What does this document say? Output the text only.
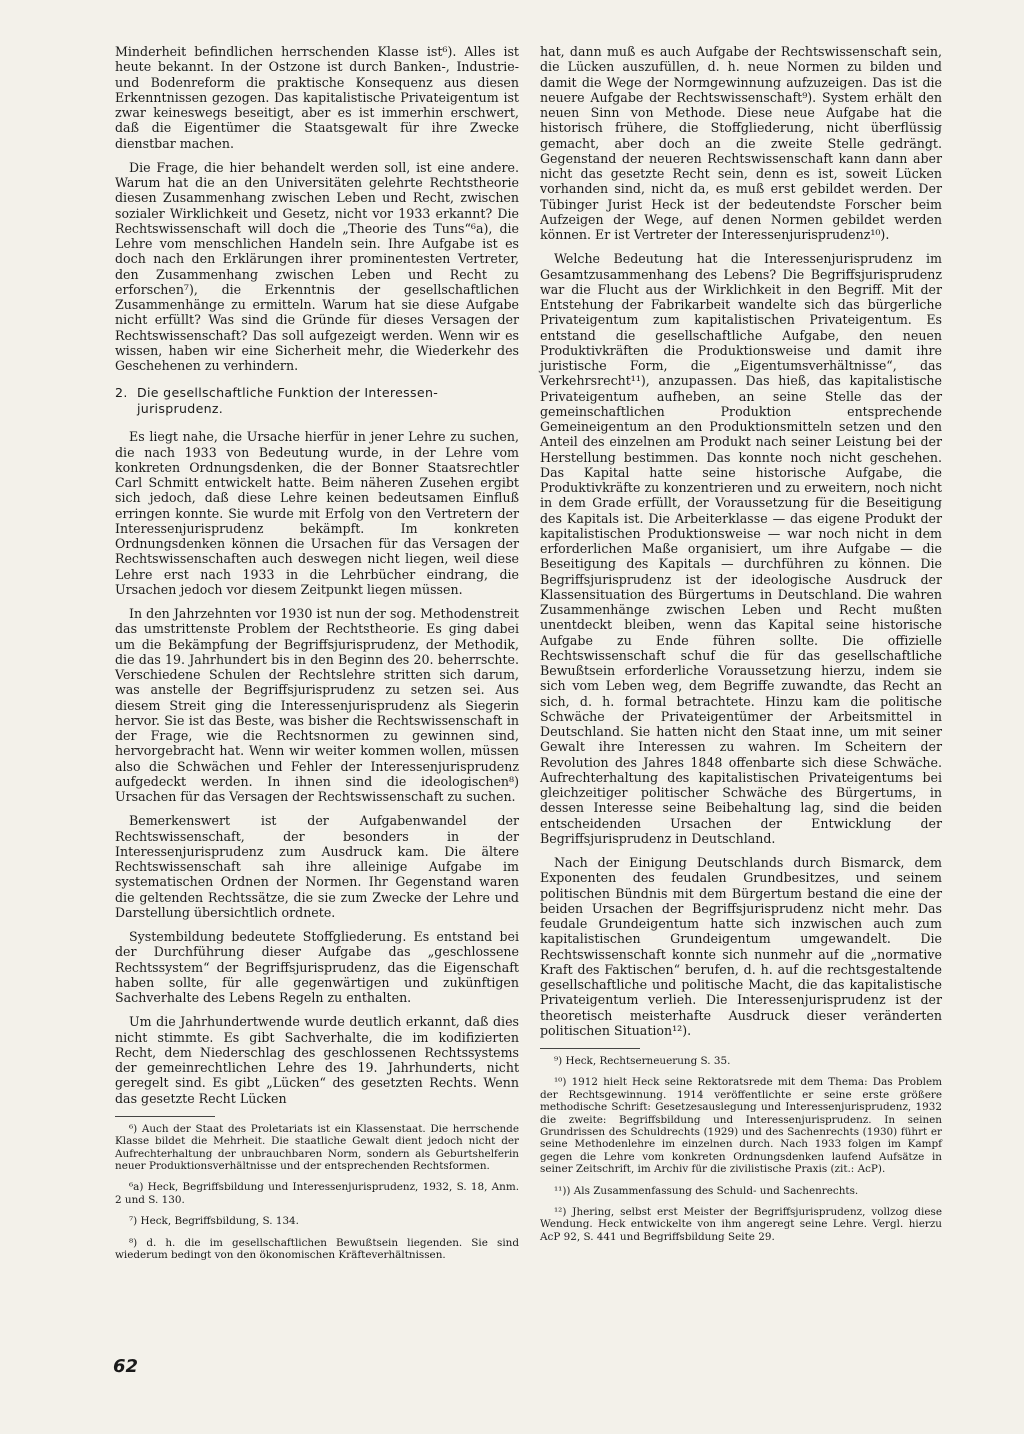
Minderheit befindlichen herrschenden Klasse ist⁶). Alles ist heute bekannt. In der Ostzone ist durch Banken-, Industrie- und Bodenreform die praktische Konsequenz aus diesen Erkenntnissen gezogen. Das kapitalistische Privateigentum ist zwar keineswegs beseitigt, aber es ist immerhin erschwert, daß die Eigentümer die Staatsgewalt für ihre Zwecke dienstbar machen.

Die Frage, die hier behandelt werden soll, ist eine andere. Warum hat die an den Universitäten gelehrte Rechtstheorie diesen Zusammenhang zwischen Leben und Recht, zwischen sozialer Wirklichkeit und Gesetz, nicht vor 1933 erkannt? Die Rechtswissenschaft will doch die „Theorie des Tuns“⁶a), die Lehre vom menschlichen Handeln sein. Ihre Aufgabe ist es doch nach den Erklärungen ihrer prominentesten Vertreter, den Zusammenhang zwischen Leben und Recht zu erforschen⁷), die Erkenntnis der gesellschaftlichen Zusammenhänge zu ermitteln. Warum hat sie diese Aufgabe nicht erfüllt? Was sind die Gründe für dieses Versagen der Rechtswissenschaft? Das soll aufgezeigt werden. Wenn wir es wissen, haben wir eine Sicherheit mehr, die Wiederkehr des Geschehenen zu verhindern.

2. Die gesellschaftliche Funktion der Interessen-
jurisprudenz.

Es liegt nahe, die Ursache hierfür in jener Lehre zu suchen, die nach 1933 von Bedeutung wurde, in der Lehre vom konkreten Ordnungsdenken, die der Bonner Staatsrechtler Carl Schmitt entwickelt hatte. Beim näheren Zusehen ergibt sich jedoch, daß diese Lehre keinen bedeutsamen Einfluß erringen konnte. Sie wurde mit Erfolg von den Vertretern der Interessenjurisprudenz bekämpft. Im konkreten Ordnungsdenken können die Ursachen für das Versagen der Rechtswissenschaften auch deswegen nicht liegen, weil diese Lehre erst nach 1933 in die Lehrbücher eindrang, die Ursachen jedoch vor diesem Zeitpunkt liegen müssen.

In den Jahrzehnten vor 1930 ist nun der sog. Methodenstreit das umstrittenste Problem der Rechtstheorie. Es ging dabei um die Bekämpfung der Begriffsjurisprudenz, der Methodik, die das 19. Jahrhundert bis in den Beginn des 20. beherrschte. Verschiedene Schulen der Rechtslehre stritten sich darum, was anstelle der Begriffsjurisprudenz zu setzen sei. Aus diesem Streit ging die Interessenjurisprudenz als Siegerin hervor. Sie ist das Beste, was bisher die Rechtswissenschaft in der Frage, wie die Rechtsnormen zu gewinnen sind, hervorgebracht hat. Wenn wir weiter kommen wollen, müssen also die Schwächen und Fehler der Interessenjurisprudenz aufgedeckt werden. In ihnen sind die ideologischen⁸) Ursachen für das Versagen der Rechtswissenschaft zu suchen.

Bemerkenswert ist der Aufgabenwandel der Rechtswissenschaft, der besonders in der Interessenjurisprudenz zum Ausdruck kam. Die ältere Rechtswissenschaft sah ihre alleinige Aufgabe im systematischen Ordnen der Normen. Ihr Gegenstand waren die geltenden Rechtssätze, die sie zum Zwecke der Lehre und Darstellung übersichtlich ordnete.

Systembildung bedeutete Stoffgliederung. Es entstand bei der Durchführung dieser Aufgabe das „geschlossene Rechtssystem“ der Begriffsjurisprudenz, das die Eigenschaft haben sollte, für alle gegenwärtigen und zukünftigen Sachverhalte des Lebens Regeln zu enthalten.

Um die Jahrhundertwende wurde deutlich erkannt, daß dies nicht stimmte. Es gibt Sachverhalte, die im kodifizierten Recht, dem Niederschlag des geschlossenen Rechtssystems der gemeinrechtlichen Lehre des 19. Jahrhunderts, nicht geregelt sind. Es gibt „Lücken“ des gesetzten Rechts. Wenn das gesetzte Recht Lücken

⁶) Auch der Staat des Proletariats ist ein Klassenstaat. Die herrschende Klasse bildet die Mehrheit. Die staatliche Gewalt dient jedoch nicht der Aufrechterhaltung der unbrauchbaren Norm, sondern als Geburtshelferin neuer Produktionsverhältnisse und der entsprechenden Rechtsformen.

⁶a) Heck, Begriffsbildung und Interessenjurisprudenz, 1932, S. 18, Anm. 2 und S. 130.

⁷) Heck, Begriffsbildung, S. 134.

⁸) d. h. die im gesellschaftlichen Bewußtsein liegenden. Sie sind wiederum bedingt von den ökonomischen Kräfteverhältnissen.

hat, dann muß es auch Aufgabe der Rechtswissenschaft sein, die Lücken auszufüllen, d. h. neue Normen zu bilden und damit die Wege der Normgewinnung aufzuzeigen. Das ist die neuere Aufgabe der Rechtswissenschaft⁹). System erhält den neuen Sinn von Methode. Diese neue Aufgabe hat die historisch frühere, die Stoffgliederung, nicht überflüssig gemacht, aber doch an die zweite Stelle gedrängt. Gegenstand der neueren Rechtswissenschaft kann dann aber nicht das gesetzte Recht sein, denn es ist, soweit Lücken vorhanden sind, nicht da, es muß erst gebildet werden. Der Tübinger Jurist Heck ist der bedeutendste Forscher beim Aufzeigen der Wege, auf denen Normen gebildet werden können. Er ist Vertreter der Interessenjurisprudenz¹⁰).

Welche Bedeutung hat die Interessenjurisprudenz im Gesamtzusammenhang des Lebens? Die Begriffsjurisprudenz war die Flucht aus der Wirklichkeit in den Begriff. Mit der Entstehung der Fabrikarbeit wandelte sich das bürgerliche Privateigentum zum kapitalistischen Privateigentum. Es entstand die gesellschaftliche Aufgabe, den neuen Produktivkräften die Produktionsweise und damit ihre juristische Form, die „Eigentumsverhältnisse“, das Verkehrsrecht¹¹), anzupassen. Das hieß, das kapitalistische Privateigentum aufheben, an seine Stelle das der gemeinschaftlichen Produktion entsprechende Gemeineigentum an den Produktionsmitteln setzen und den Anteil des einzelnen am Produkt nach seiner Leistung bei der Herstellung bestimmen. Das konnte noch nicht geschehen. Das Kapital hatte seine historische Aufgabe, die Produktivkräfte zu konzentrieren und zu erweitern, noch nicht in dem Grade erfüllt, der Voraussetzung für die Beseitigung des Kapitals ist. Die Arbeiterklasse — das eigene Produkt der kapitalistischen Produktionsweise — war noch nicht in dem erforderlichen Maße organisiert, um ihre Aufgabe — die Beseitigung des Kapitals — durchführen zu können. Die Begriffsjurisprudenz ist der ideologische Ausdruck der Klassensituation des Bürgertums in Deutschland. Die wahren Zusammenhänge zwischen Leben und Recht mußten unentdeckt bleiben, wenn das Kapital seine historische Aufgabe zu Ende führen sollte. Die offizielle Rechtswissenschaft schuf die für das gesellschaftliche Bewußtsein erforderliche Voraussetzung hierzu, indem sie sich vom Leben weg, dem Begriffe zuwandte, das Recht an sich, d. h. formal betrachtete. Hinzu kam die politische Schwäche der Privateigentümer der Arbeitsmittel in Deutschland. Sie hatten nicht den Staat inne, um mit seiner Gewalt ihre Interessen zu wahren. Im Scheitern der Revolution des Jahres 1848 offenbarte sich diese Schwäche. Aufrechterhaltung des kapitalistischen Privateigentums bei gleichzeitiger politischer Schwäche des Bürgertums, in dessen Interesse seine Beibehaltung lag, sind die beiden entscheidenden Ursachen der Entwicklung der Begriffsjurisprudenz in Deutschland.

Nach der Einigung Deutschlands durch Bismarck, dem Exponenten des feudalen Grundbesitzes, und seinem politischen Bündnis mit dem Bürgertum bestand die eine der beiden Ursachen der Begriffsjurisprudenz nicht mehr. Das feudale Grundeigentum hatte sich inzwischen auch zum kapitalistischen Grundeigentum umgewandelt. Die Rechtswissenschaft konnte sich nunmehr auf die „normative Kraft des Faktischen“ berufen, d. h. auf die rechtsgestaltende gesellschaftliche und politische Macht, die das kapitalistische Privateigentum verlieh. Die Interessenjurisprudenz ist der theoretisch meisterhafte Ausdruck dieser veränderten politischen Situation¹²).

⁹) Heck, Rechtserneuerung S. 35.

¹⁰) 1912 hielt Heck seine Rektoratsrede mit dem Thema: Das Problem der Rechtsgewinnung. 1914 veröffentlichte er seine erste größere methodische Schrift: Gesetzesauslegung und Interessenjurisprudenz, 1932 die zweite: Begriffsbildung und Interessenjurisprudenz. In seinen Grundrissen des Schuldrechts (1929) und des Sachenrechts (1930) führt er seine Methodenlehre im einzelnen durch. Nach 1933 folgen im Kampf gegen die Lehre vom konkreten Ordnungsdenken laufend Aufsätze in seiner Zeitschrift, im Archiv für die zivilistische Praxis (zit.: AcP).

¹¹)) Als Zusammenfassung des Schuld- und Sachenrechts.

¹²) Jhering, selbst erst Meister der Begriffsjurisprudenz, vollzog diese Wendung. Heck entwickelte von ihm angeregt seine Lehre. Vergl. hierzu AcP 92, S. 441 und Begriffsbildung Seite 29.

62
